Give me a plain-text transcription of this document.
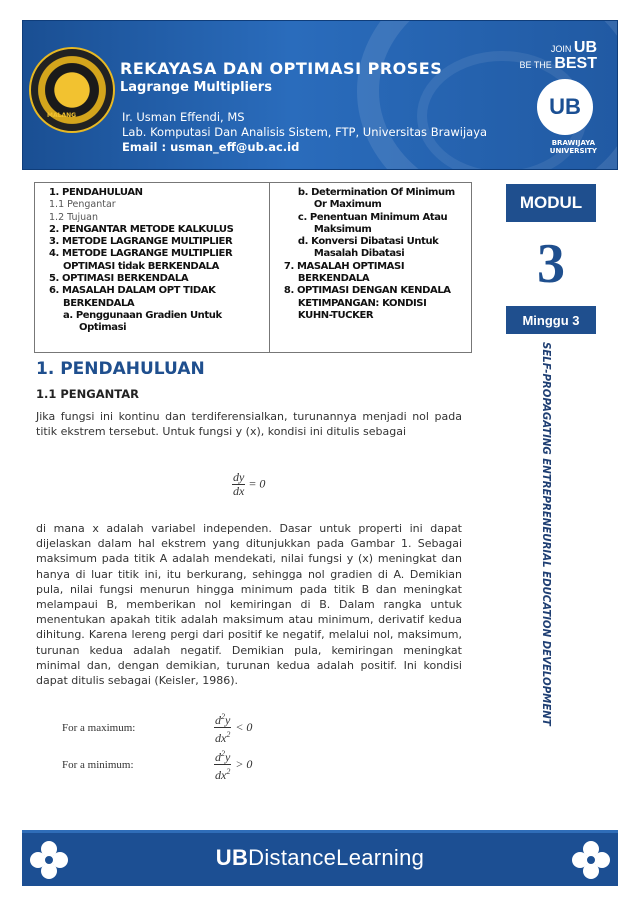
MALANG
REKAYASA DAN OPTIMASI PROSES
Lagrange Multipliers
Ir. Usman Effendi, MS
Lab. Komputasi Dan Analisis Sistem, FTP, Universitas Brawijaya
Email : usman_eff@ub.ac.id
JOIN UB
BE THE BEST
UB
BRAWIJAYA
UNIVERSITY
1. PENDAHULUAN
1.1 Pengantar
1.2 Tujuan
2. PENGANTAR METODE KALKULUS
3. METODE LAGRANGE MULTIPLIER
4. METODE LAGRANGE MULTIPLIER
OPTIMASI tidak BERKENDALA
5. OPTIMASI BERKENDALA
6. MASALAH DALAM OPT TIDAK
BERKENDALA
a. Penggunaan Gradien Untuk
Optimasi
b. Determination Of Minimum
Or Maximum
c. Penentuan Minimum Atau
Maksimum
d. Konversi Dibatasi Untuk
Masalah Dibatasi
7. MASALAH OPTIMASI
BERKENDALA
8. OPTIMASI DENGAN KENDALA
KETIMPANGAN: KONDISI
KUHN-TUCKER
MODUL
3
Minggu 3
SELF-PROPAGATING ENTREPRENEURIAL EDUCATION DEVELOPMENT
1. PENDAHULUAN
1.1 PENGANTAR
Jika fungsi ini kontinu dan terdiferensialkan, turunannya menjadi nol pada titik ekstrem tersebut. Untuk fungsi y (x), kondisi ini ditulis sebagai
$\frac{dy}{dx} = 0$
di mana x adalah variabel independen. Dasar untuk properti ini dapat dijelaskan dalam hal ekstrem yang ditunjukkan pada Gambar 1. Sebagai maksimum pada titik A adalah mendekati, nilai fungsi y (x) meningkat dan hanya di luar titik ini, itu berkurang, sehingga nol gradien di A. Demikian pula, nilai fungsi menurun hingga minimum pada titik B dan meningkat melampaui B, memberikan nol kemiringan di B. Dalam rangka untuk menentukan apakah titik adalah maksimum atau minimum, derivatif kedua dihitung. Karena lereng pergi dari positif ke negatif, melalui nol, maksimum, turunan kedua adalah negatif. Demikian pula, kemiringan meningkat minimal dan, dengan demikian, turunan kedua adalah positif. Ini kondisi dapat ditulis sebagai (Keisler, 1986).
For a maximum:	$\frac{d^2y}{dx^2} < 0$
For a minimum:	$\frac{d^2y}{dx^2} > 0$
UBDistanceLearning
